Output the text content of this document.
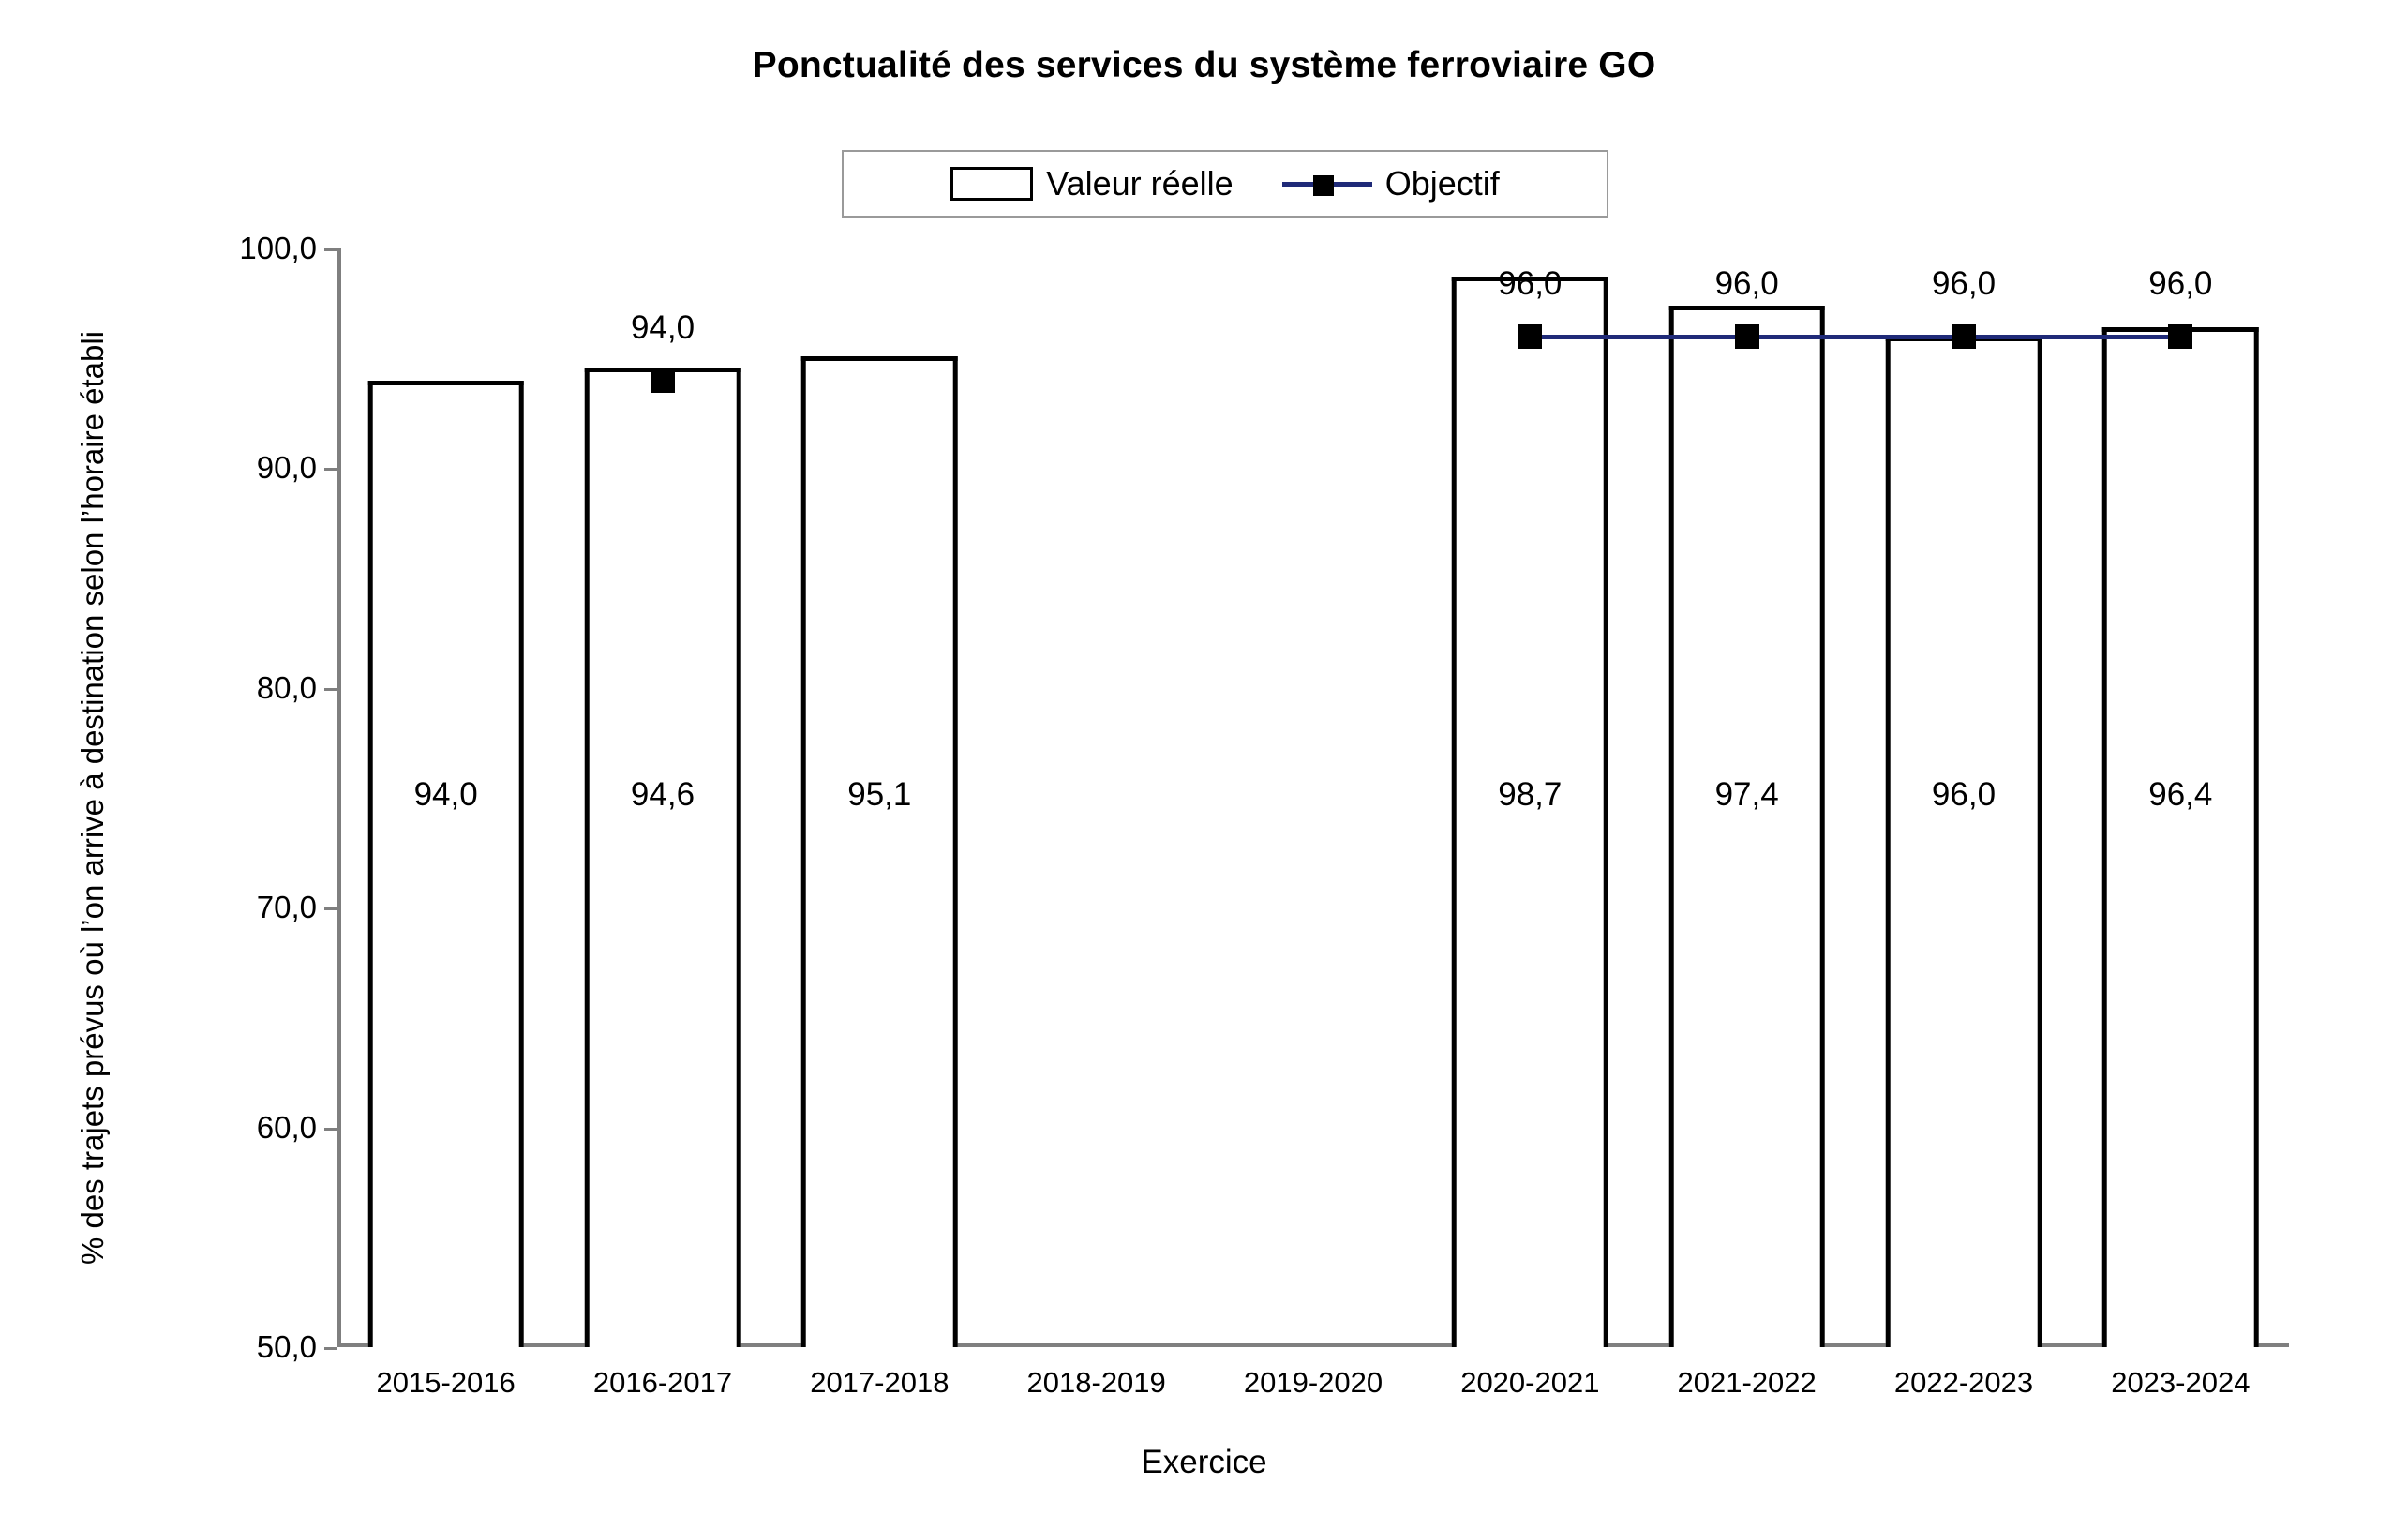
Ponctualité des services du système ferroviaire GO
Valeur réelle	Objectif
% des trajets prévus où l’on arrive à destination selon l’horaire établi
50,0
60,0
70,0
80,0
90,0
100,0
94,0	94,6	95,1	98,7	97,4	96,0	96,4
94,0
96,0	96,0	96,0	96,0
2015-2016	2016-2017	2017-2018	2018-2019	2019-2020	2020-2021	2021-2022	2022-2023	2023-2024
Exercice
